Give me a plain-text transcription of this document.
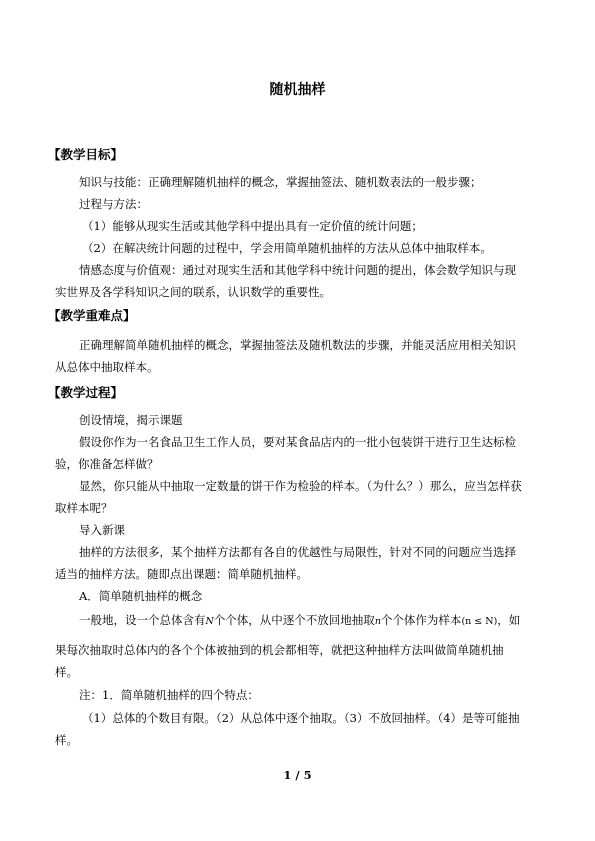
随机抽样
【教学目标】
知识与技能：正确理解随机抽样的概念，掌握抽签法、随机数表法的一般步骤；
过程与方法：
（1）能够从现实生活或其他学科中提出具有一定价值的统计问题；
（2）在解决统计问题的过程中，学会用简单随机抽样的方法从总体中抽取样本。
情感态度与价值观：通过对现实生活和其他学科中统计问题的提出，体会数学知识与现
实世界及各学科知识之间的联系，认识数学的重要性。
【教学重难点】
正确理解简单随机抽样的概念，掌握抽签法及随机数法的步骤，并能灵活应用相关知识
从总体中抽取样本。
【教学过程】
创设情境，揭示课题
假设你作为一名食品卫生工作人员，要对某食品店内的一批小包装饼干进行卫生达标检
验，你准备怎样做？
显然，你只能从中抽取一定数量的饼干作为检验的样本。（为什么？）那么，应当怎样获
取样本呢？
导入新课
抽样的方法很多，某个抽样方法都有各自的优越性与局限性，针对不同的问题应当选择
适当的抽样方法。随即点出课题：简单随机抽样。
A．简单随机抽样的概念
一般地，设一个总体含有N个个体，从中逐个不放回地抽取n个个体作为样本(n ≤ N)，如
果每次抽取时总体内的各个个体被抽到的机会都相等，就把这种抽样方法叫做简单随机抽
样。
注：1．简单随机抽样的四个特点：
（1）总体的个数目有限。（2）从总体中逐个抽取。（3）不放回抽样。（4）是等可能抽
样。
1 / 5
